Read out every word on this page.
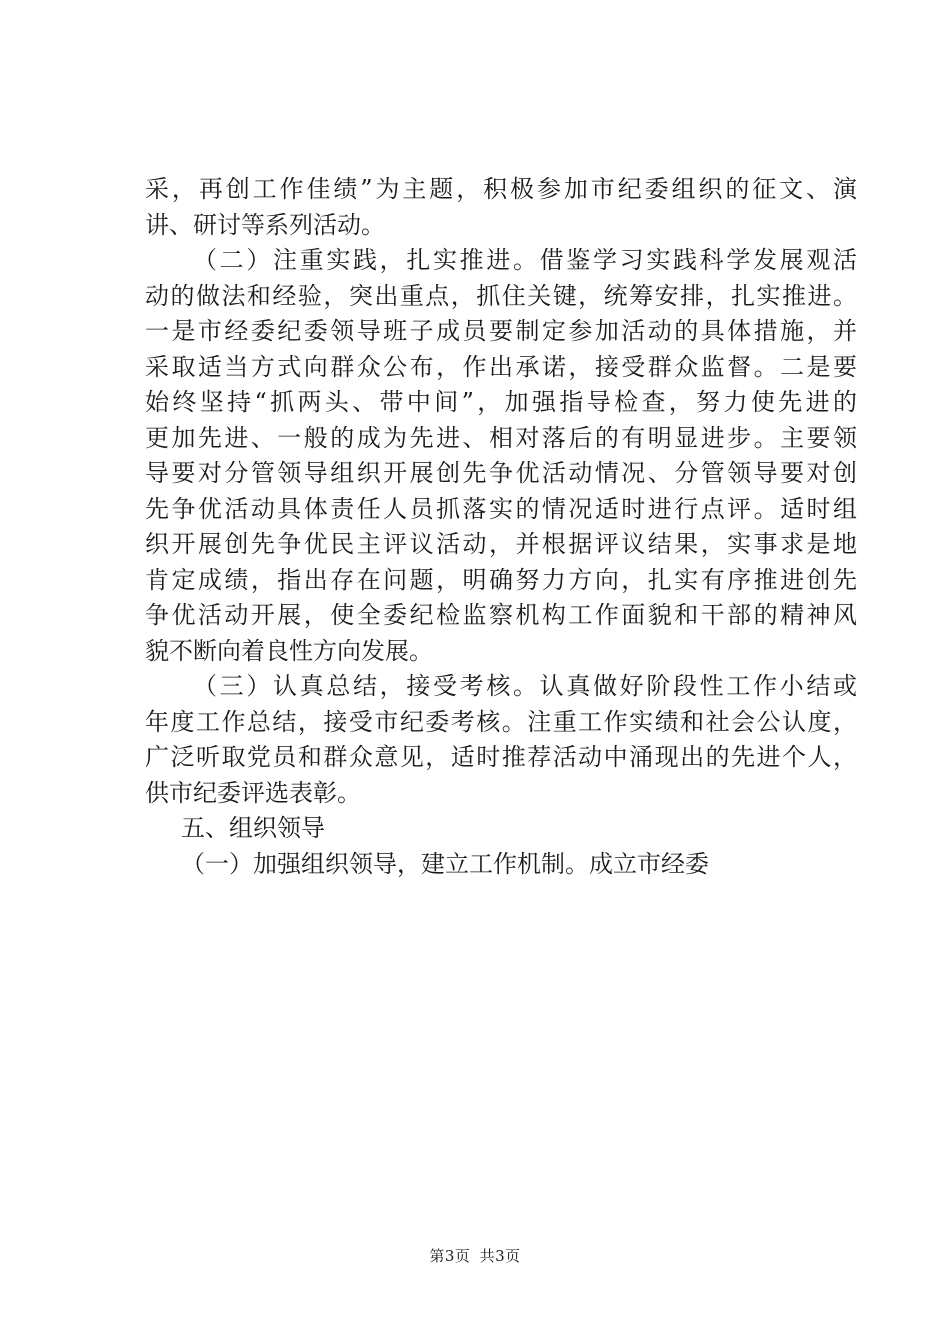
采，再创工作佳绩”为主题，积极参加市纪委组织的征文、演
讲、研讨等系列活动。
（二）注重实践，扎实推进。借鉴学习实践科学发展观活
动的做法和经验，突出重点，抓住关键，统筹安排，扎实推进。
一是市经委纪委领导班子成员要制定参加活动的具体措施，并
采取适当方式向群众公布，作出承诺，接受群众监督。二是要
始终坚持“抓两头、带中间”，加强指导检查，努力使先进的
更加先进、一般的成为先进、相对落后的有明显进步。主要领
导要对分管领导组织开展创先争优活动情况、分管领导要对创
先争优活动具体责任人员抓落实的情况适时进行点评。适时组
织开展创先争优民主评议活动，并根据评议结果，实事求是地
肯定成绩，指出存在问题，明确努力方向，扎实有序推进创先
争优活动开展，使全委纪检监察机构工作面貌和干部的精神风
貌不断向着良性方向发展。
（三）认真总结，接受考核。认真做好阶段性工作小结或
年度工作总结，接受市纪委考核。注重工作实绩和社会公认度，
广泛听取党员和群众意见，适时推荐活动中涌现出的先进个人，
供市纪委评选表彰。
五、组织领导
（一）加强组织领导，建立工作机制。成立市经委
第3页 共3页
